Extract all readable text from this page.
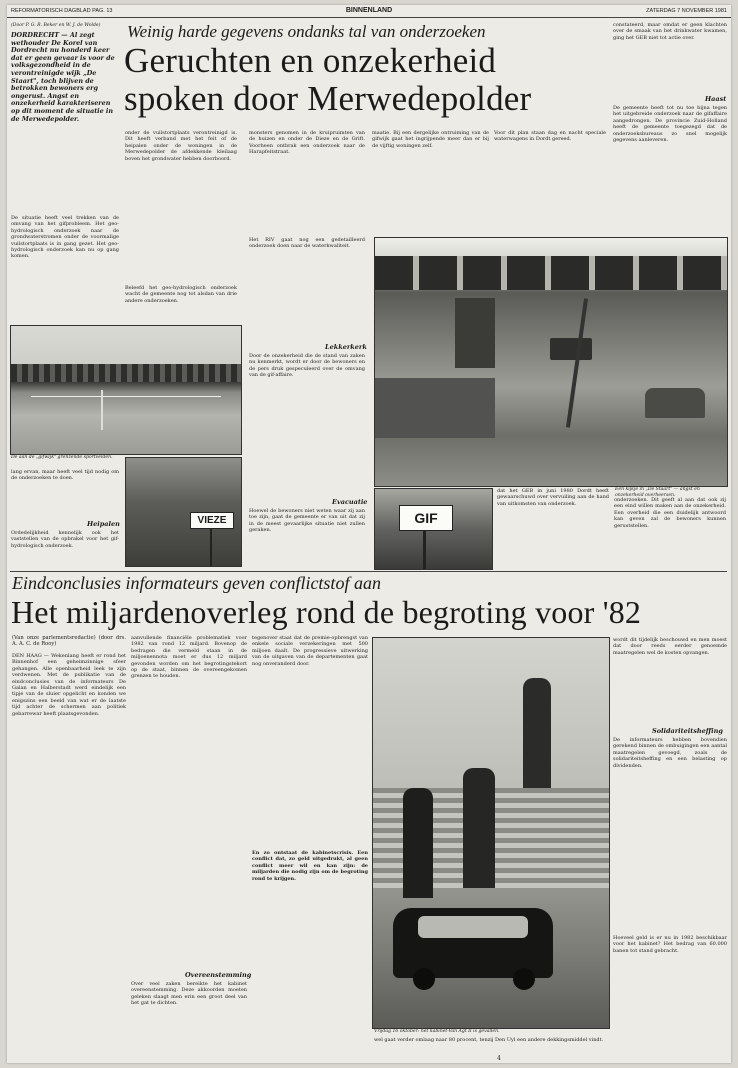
REFORMATORISCH DAGBLAD PAG. 13	BINNENLAND	ZATERDAG 7 NOVEMBER 1981
(Door P. G. R. Beker en W. J. de Wolde)
DORDRECHT — Al zegt wethouder De Korel van Dordrecht nu honderd keer dat er geen gevaar is voor de volksgezondheid in de verontreinigde wijk „De Staart", toch blijven de betrokken bewoners erg ongerust. Angst en onzekerheid karakteriseren op dit moment de situatie in de Merwedepolder.
Weinig harde gegevens ondanks tal van onderzoeken
Geruchten en onzekerheid
spoken door Merwedepolder
De situatie heeft veel trekken van de omvang van het gifprobleem. Het geo-hydrologisch onderzoek naar de grondwaterstromen onder de voormalige vuilstortplaats is in gang gezet. Het geo-hydrologisch onderzoek kan nu op gang komen.
De aan de „gifwijk" grenzende sportvelden.
lang ervan, maar heeft veel tijd nodig om de onderzoeken te doen.
Heipalen
Ordedelijkheid kennelijk ook het vaststellen van de opbrakel voor het gif-hydrologisch onderzoek.
VIEZE
onder de vuilstortplaats verontreinigd is. Dit heeft verband met het feit of de heipalen onder de woningen in de Merwedepolder de afdekkende kleilaag boven het grondwater hebben doorboord.
Beleefd het geo-hydrologisch onderzoek wacht de gemeente nog tot alsdan van drie andere onderzoeken.
monsters genomen in de kruipruimten van de huizen en onder de Dieze en de Grift. Voorheen ontbrak een onderzoek naar de Harapfeitstraat.
Het RIV gaat nog een gedetailleerd onderzoek doen naar de waterkwaliteit.
Lekkerkerk
Door de onzekerheid die de stand van zaken nu kenmerkt, wordt er door de bewoners en de pers druk gespeculeerd over de omvang van de gif-affaire.
Evacuatie
Hoewel de bewoners niet weten waar zij aan toe zijn, gaat de gemeente er van uit dat zij in de meest gevaarlijke situatie niet zullen geraken.
maatie. Bij een dergelijke ontruiming van de gifwijk gaat het ingrijpende meer dan er bij de vijftig woningen zelf.
Voor dit plan staan dag en nacht speciale waterwagens in Dordt gereed.
constateerd, maar omdat er geen klachten over de smaak van het drinkwater kwamen, ging het GEB niet tot actie over.
Haast
De gemeente heeft tot nu toe bijna tegen het uitgebreide onderzoek naar de gifaffaire aangedrongen. De provincie Zuid-Holland heeft de gemeente toegezegd dat de onderzoeksbureaus zo snel mogelijk gegevens aanleveren.
Een kijkje in „De Staart" — angst en onzekerheid overheersen.
GIF
dat het GEB in juni 1980 Dordt heeft gewaarschuwd over vervuiling aan de hand van uitkomsten van onderzoek.
onderzoeken. Dit geeft al aan dat ook zij een eind willen maken aan de onzekerheid. Een overheid die een duidelijk antwoord kan geven zal de bewoners kunnen geruststellen.
Eindconclusies informateurs geven conflictstof aan
Het miljardenoverleg rond de begroting voor '82
(Van onze parlementsredactie) (door drs. A. A. C. de Rooy)
DEN HAAG — Wekenlang heeft er rond het Binnenhof een geheimzinnige sfeer gehangen. Alle openbaarheid leek te zijn verdwenen. Met de publikatie van de eindconclusies van de informateurs De Galan en Halberstadt werd eindelijk een tipje van de sluier opgelicht en konden we enigszins een beeld van wat er de laatste tijd achter de schermen aan politiek gebarrewar heeft plaatsgevonden.
aanvullende financiële problematiek voor 1982 van rond 12 miljard. Bovenop de bedragen die vermeld staan in de miljoenennota moet er dus 12 miljard gevonden worden om het begrotingstekort op de staat, binnen de overeengekomen grenzen te houden.
Overeenstemming
Over veel zaken bereikte het kabinet overeenstemming. Deze akkoorden moeten geleken slaagt men erin een groot deel van het gat te dichten.
tegenover staat dat de premie-opbrengst van enkele sociale verzekeringen met 500 miljoen daalt. De progressieve uitwerking van de uitgaven van de departementen gaat nog onveranderd door.
En zo ontstaat de kabinetscrisis. Een conflict dat, zo geld uitgedrukt, al geen conflict meer wil en kan zijn: de miljarden die nodig zijn om de begroting rond te krijgen.
Vrijdag 16 oktober: het kabinet-Van Agt II is gevallen.
wel gaat verder omlaag naar 80 procent, tenzij Den Uyl een andere dekkingsmiddel vindt.
wordt dit tijdelijk beschouwd en men moest dat door reeds eerder genoemde maatregelen wel de kosten opvangen.
Solidariteitsheffing
De informateurs hebben bovendien gerekend binnen de ombuigingen een aantal maatregelen gevoegd, zoals de solidariteitsheffing en een belasting op dividenden.
Hoeveel geld is er nu in 1982 beschikbaar voor het kabinet? Het bedrag van 60.000 banen tot stand gebracht.
4
